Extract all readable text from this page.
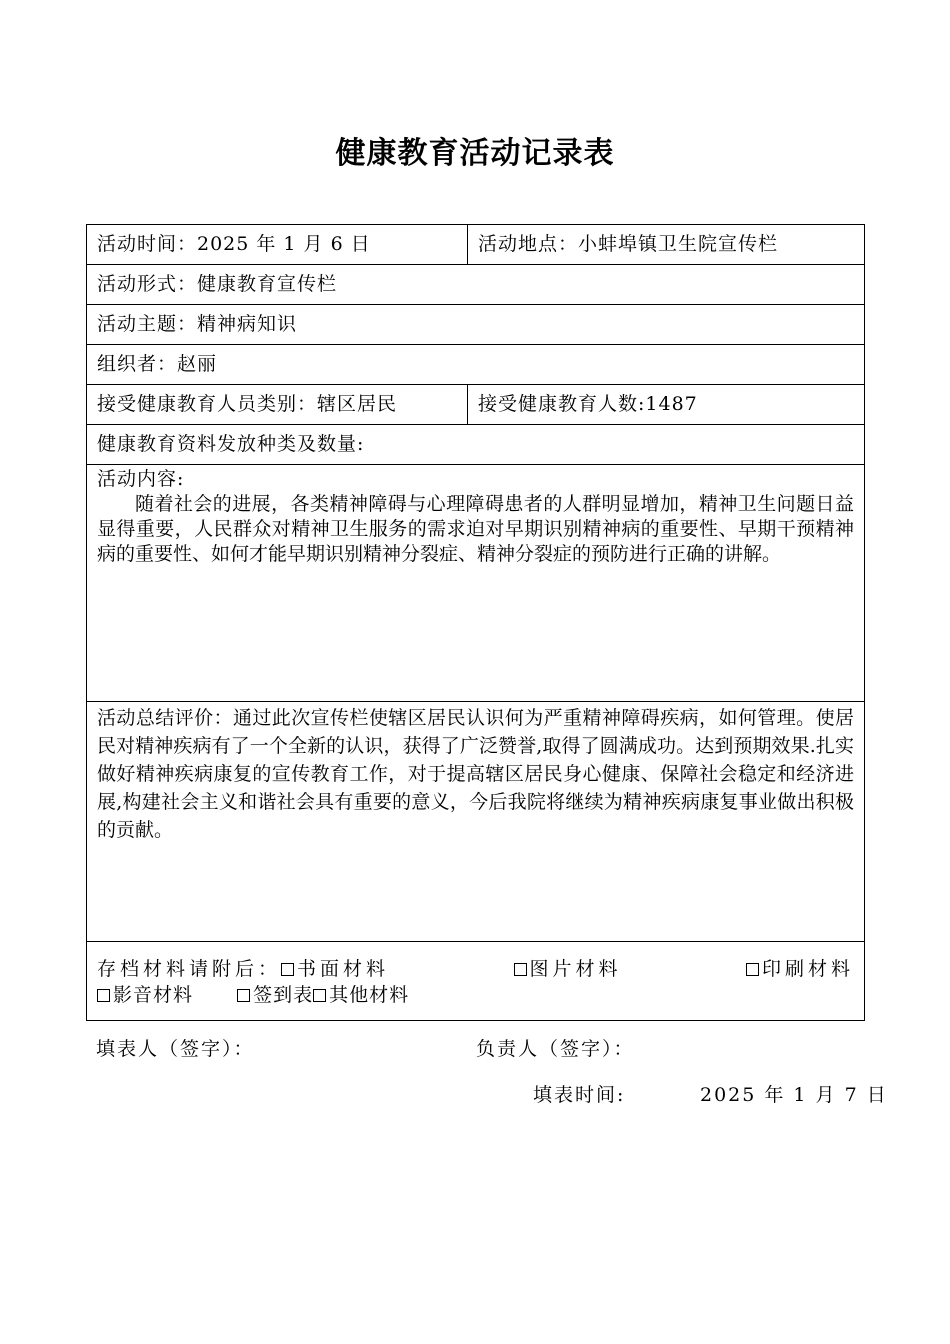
健康教育活动记录表
活动时间：2025 年 1 月 6 日	活动地点：小蚌埠镇卫生院宣传栏
活动形式：健康教育宣传栏
活动主题：精神病知识
组织者：赵丽
接受健康教育人员类别：辖区居民	接受健康教育人数:1487
健康教育资料发放种类及数量:
活动内容:

随着社会的进展，各类精神障碍与心理障碍患者的人群明显增加，精神卫生问题日益显得重要，人民群众对精神卫生服务的需求迫对早期识别精神病的重要性、早期干预精神病的重要性、如何才能早期识别精神分裂症、精神分裂症的预防进行正确的讲解。

活动总结评价：通过此次宣传栏使辖区居民认识何为严重精神障碍疾病，如何管理。使居民对精神疾病有了一个全新的认识，获得了广泛赞誉,取得了圆满成功。达到预期效果.扎实做好精神疾病康复的宣传教育工作，对于提高辖区居民身心健康、保障社会稳定和经济进展,构建社会主义和谐社会具有重要的意义，今后我院将继续为精神疾病康复事业做出积极的贡献。

存档材料请附后： 书面材料	图片材料	印刷材料
影音材料	签到表 其他材料
填表人（签字）：	负责人（签字）：
填表时间:	2025 年 1 月 7 日
